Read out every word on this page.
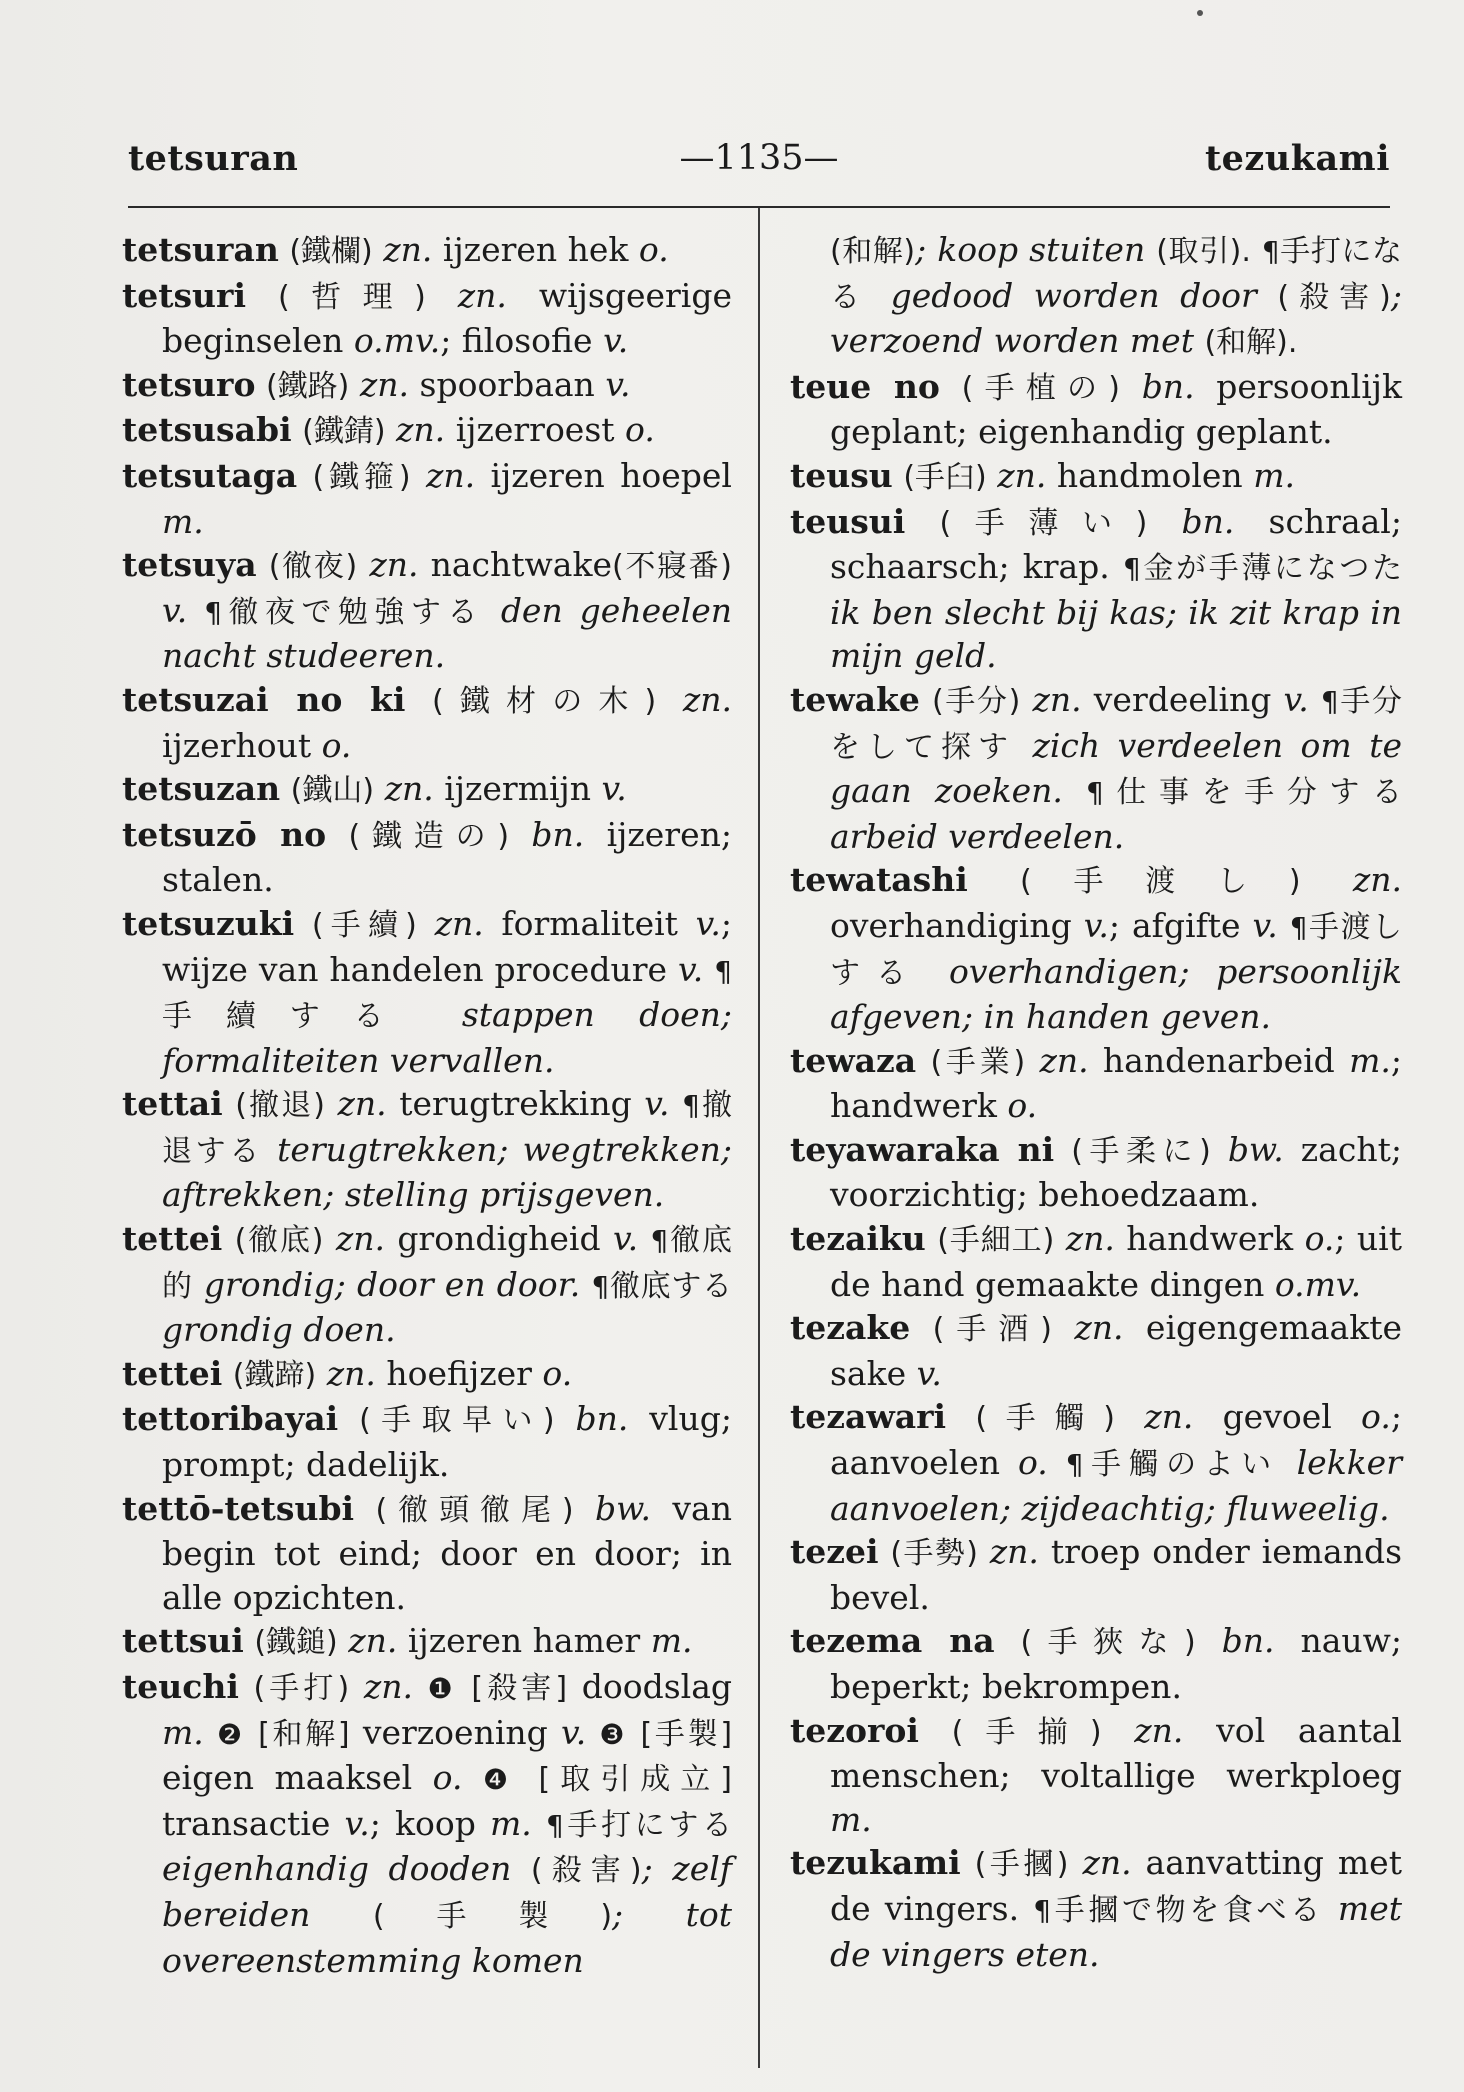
tetsuran	—1135—	tezukami

tetsuran (鐵欄) zn. ijzeren hek o.

tetsuri (哲理) zn. wijsgeerige beginselen o.mv.; filosofie v.

tetsuro (鐵路) zn. spoorbaan v.

tetsusabi (鐵錆) zn. ijzerroest o.

tetsutaga (鐵箍) zn. ijzeren hoepel m.

tetsuya (徹夜) zn. nachtwake(不寢番) v. ¶徹夜で勉強する den geheelen nacht studeeren.

tetsuzai no ki (鐵材の木) zn. ijzerhout o.

tetsuzan (鐵山) zn. ijzermijn v.

tetsuzō no (鐵造の) bn. ijzeren; stalen.

tetsuzuki (手續) zn. formaliteit v.; wijze van handelen procedure v. ¶手續する stappen doen; formaliteiten vervallen.

tettai (撤退) zn. terugtrekking v. ¶撤退する terugtrekken; wegtrekken; aftrekken; stelling prijsgeven.

tettei (徹底) zn. grondigheid v. ¶徹底的 grondig; door en door. ¶徹底する grondig doen.

tettei (鐵蹄) zn. hoefijzer o.

tettoribayai (手取早い) bn. vlug; prompt; dadelijk.

tettō-tetsubi (徹頭徹尾) bw. van begin tot eind; door en door; in alle opzichten.

tettsui (鐵鎚) zn. ijzeren hamer m.

teuchi (手打) zn. ❶ [殺害] doodslag m. ❷ [和解] verzoening v. ❸ [手製] eigen maaksel o. ❹ [取引成立] transactie v.; koop m. ¶手打にする eigenhandig dooden (殺害); zelf bereiden (手製); tot overeenstemming komen

(和解); koop stuiten (取引). ¶手打になる gedood worden door (殺害); verzoend worden met (和解).

teue no (手植の) bn. persoonlijk geplant; eigenhandig geplant.

teusu (手臼) zn. handmolen m.

teusui (手薄い) bn. schraal; schaarsch; krap. ¶金が手薄になつた ik ben slecht bij kas; ik zit krap in mijn geld.

tewake (手分) zn. verdeeling v. ¶手分をして探す zich verdeelen om te gaan zoeken. ¶仕事を手分する arbeid verdeelen.

tewatashi (手渡し) zn. overhandiging v.; afgifte v. ¶手渡しする overhandigen; persoonlijk afgeven; in handen geven.

tewaza (手業) zn. handenarbeid m.; handwerk o.

teyawaraka ni (手柔に) bw. zacht; voorzichtig; behoedzaam.

tezaiku (手細工) zn. handwerk o.; uit de hand gemaakte dingen o.mv.

tezake (手酒) zn. eigengemaakte sake v.

tezawari (手觸) zn. gevoel o.; aanvoelen o. ¶手觸のよい lekker aanvoelen; zijdeachtig; fluweelig.

tezei (手勢) zn. troep onder iemands bevel.

tezema na (手狹な) bn. nauw; beperkt; bekrompen.

tezoroi (手揃) zn. vol aantal menschen; voltallige werkploeg m.

tezukami (手摑) zn. aanvatting met de vingers. ¶手摑で物を食べる met de vingers eten.
